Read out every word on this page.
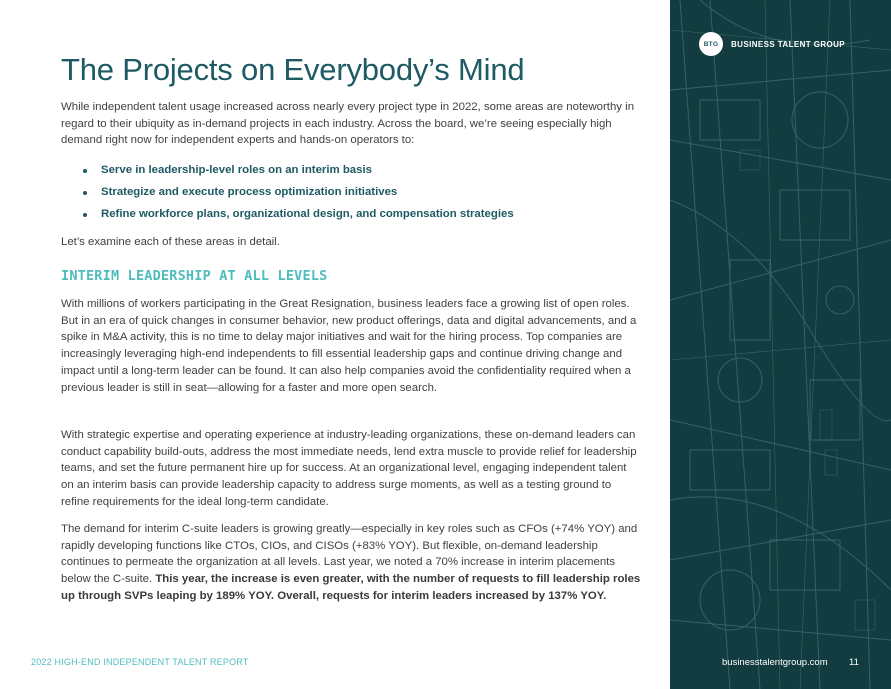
The Projects on Everybody’s Mind

While independent talent usage increased across nearly every project type in 2022, some areas are noteworthy in regard to their ubiquity as in-demand projects in each industry. Across the board, we’re seeing especially high demand right now for independent experts and hands-on operators to:

Serve in leadership-level roles on an interim basis
Strategize and execute process optimization initiatives
Refine workforce plans, organizational design, and compensation strategies

Let’s examine each of these areas in detail.

INTERIM LEADERSHIP AT ALL LEVELS

With millions of workers participating in the Great Resignation, business leaders face a growing list of open roles. But in an era of quick changes in consumer behavior, new product offerings, data and digital advancements, and a spike in M&A activity, this is no time to delay major initiatives and wait for the hiring process. Top companies are increasingly leveraging high-end independents to fill essential leadership gaps and continue driving change and impact until a long-term leader can be found. It can also help companies avoid the confidentiality required when a previous leader is still in seat—allowing for a faster and more open search.

With strategic expertise and operating experience at industry-leading organizations, these on-demand leaders can conduct capability build-outs, address the most immediate needs, lend extra muscle to provide relief for leadership teams, and set the future permanent hire up for success. At an organizational level, engaging independent talent on an interim basis can provide leadership capacity to address surge moments, as well as a testing ground to refine requirements for the ideal long-term candidate.

The demand for interim C-suite leaders is growing greatly—especially in key roles such as CFOs (+74% YOY) and rapidly developing functions like CTOs, CIOs, and CISOs (+83% YOY). But flexible, on-demand leadership continues to permeate the organization at all levels. Last year, we noted a 70% increase in interim placements below the C-suite. This year, the increase is even greater, with the number of requests to fill leadership roles up through SVPs leaping by 189% YOY. Overall, requests for interim leaders increased by 137% YOY.

2022 HIGH-END INDEPENDENT TALENT REPORT
BTG	BUSINESS TALENT GROUP
businesstalentgroup.com 11
